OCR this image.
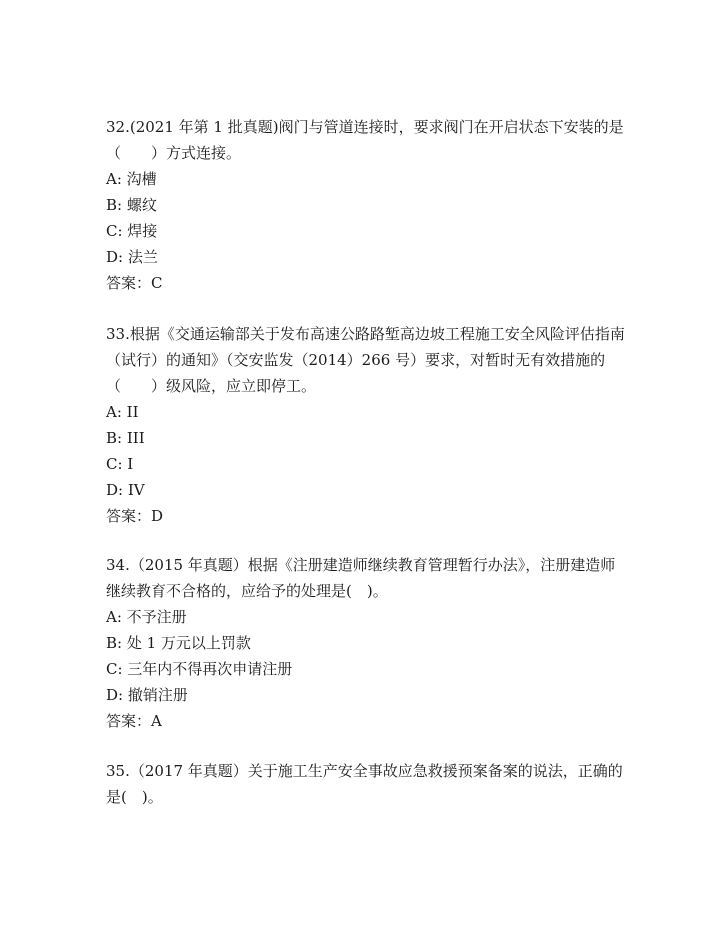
32.(2021 年第 1 批真题)阀门与管道连接时，要求阀门在开启状态下安装的是（　　）方式连接。

A: 沟槽

B: 螺纹

C: 焊接

D: 法兰

答案：C

33.根据《交通运输部关于发布高速公路路堑高边坡工程施工安全风险评估指南（试行）的通知》（交安监发（2014）266 号）要求，对暂时无有效措施的（　　）级风险，应立即停工。

A: II

B: III

C: I

D: IV

答案：D

34.（2015 年真题）根据《注册建造师继续教育管理暂行办法》，注册建造师继续教育不合格的，应给予的处理是(　)。

A: 不予注册

B: 处 1 万元以上罚款

C: 三年内不得再次申请注册

D: 撤销注册

答案：A

35.（2017 年真题）关于施工生产安全事故应急救援预案备案的说法，正确的是(　)。
